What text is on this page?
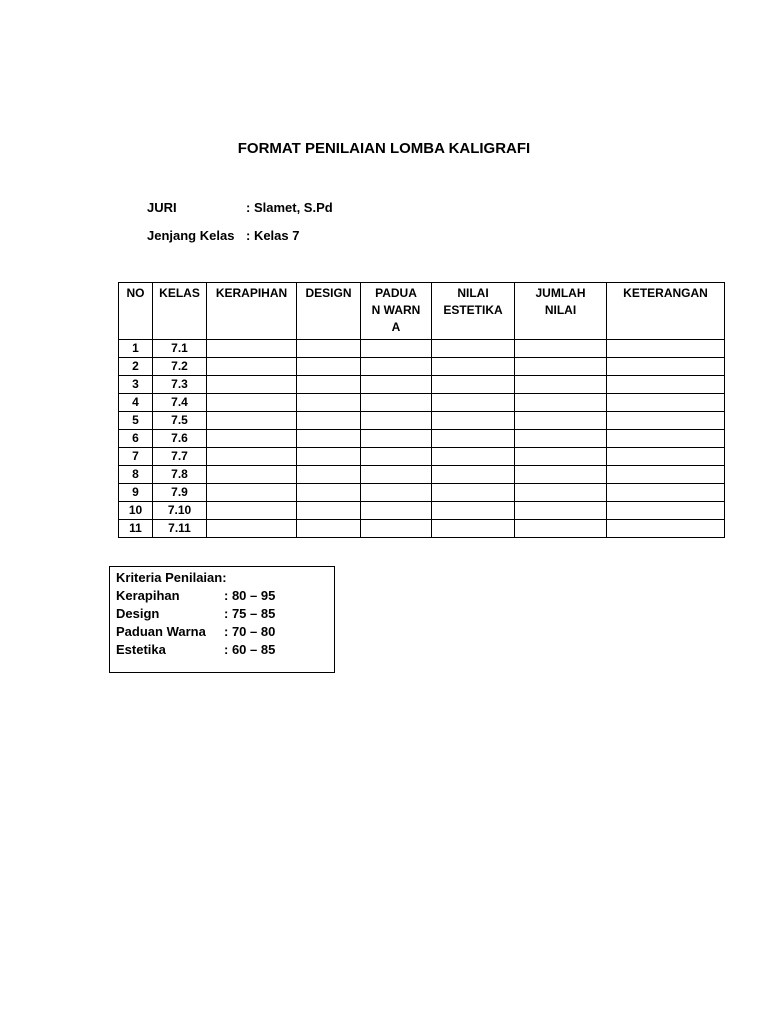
FORMAT PENILAIAN LOMBA KALIGRAFI
JURI	: Slamet, S.Pd
Jenjang Kelas : Kelas 7
NO	KELAS	KERAPIHAN	DESIGN	PADUAN WARNA	NILAI ESTETIKA	JUMLAH NILAI	KETERANGAN
1	7.1						
2	7.2						
3	7.3						
4	7.4						
5	7.5						
6	7.6						
7	7.7						
8	7.8						
9	7.9						
10	7.10						
11	7.11						
Kriteria Penilaian:
Kerapihan	: 80 – 95
Design	: 75 – 85
Paduan Warna : 70 – 80
Estetika	: 60 – 85
